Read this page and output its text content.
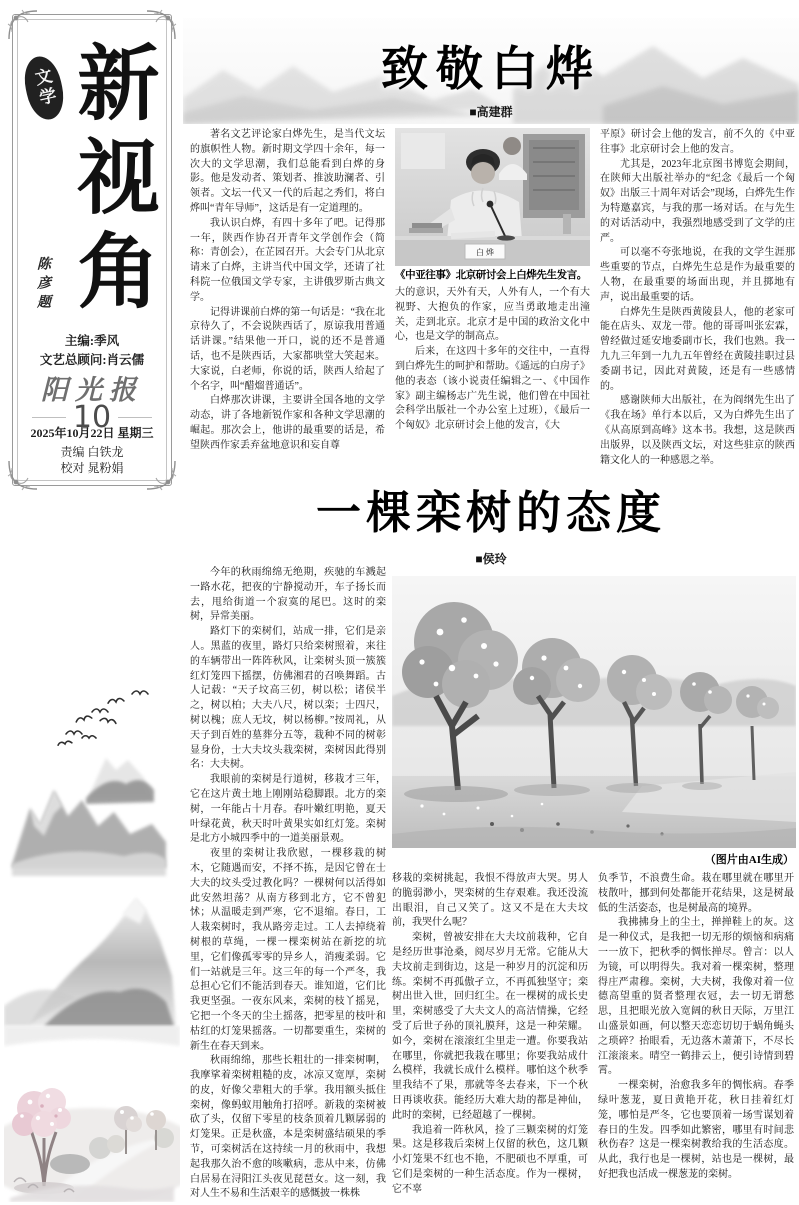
文学 新视角
陈彦题
主编:季风
文艺总顾问:肖云儒
阳光报
10
2025年10月22日 星期三
责编 白铁龙
校对 晁粉娟
致敬白烨
■高建群

著名文艺评论家白烨先生，是当代文坛的旗帜性人物。新时期文学四十余年，每一次大的文学思潮，我们总能看到白烨的身影。他是发动者、策划者、推波助澜者、引领者。文坛一代又一代的后起之秀们，将白烨叫“青年导师”，这话是有一定道理的。

我认识白烨，有四十多年了吧。记得那一年，陕西作协召开青年文学创作会（简称：青创会），在芷园召开。大会专门从北京请来了白烨，主讲当代中国文学，还请了社科院一位俄国文学专家，主讲俄罗斯古典文学。

记得讲课前白烨的第一句话是：“我在北京待久了，不会说陕西话了，原谅我用普通话讲课。”结果他一开口，说的还不是普通话，也不是陕西话，大家都哄堂大笑起来。大家说，白老师，你说的话，陕西人给起了个名字，叫“醋熘普通话”。

白烨那次讲课，主要讲全国各地的文学动态，讲了各地新锐作家和各种文学思潮的崛起。那次会上，他讲的最重要的话是，希望陕西作家丢弃盆地意识和妄自尊

白 烨
《中亚往事》北京研讨会上白烨先生发言。

大的意识，天外有天，人外有人，一个有大视野、大抱负的作家，应当勇敢地走出潼关，走到北京。北京才是中国的政治文化中心，也是文学的制高点。

后来，在这四十多年的交往中，一直得到白烨先生的呵护和帮助。《遥远的白房子》他的表态（该小说责任编辑之一、《中国作家》副主编杨志广先生说，他们曾在中国社会科学出版社一个办公室上过班），《最后一个匈奴》北京研讨会上他的发言，《大

平原》研讨会上他的发言，前不久的《中亚往事》北京研讨会上他的发言。

尤其是，2023年北京图书博览会期间，在陕师大出版社举办的“纪念《最后一个匈奴》出版三十周年对话会”现场，白烨先生作为特邀嘉宾，与我的那一场对话。在与先生的对话活动中，我强烈地感受到了文学的庄严。

可以毫不夸张地说，在我的文学生涯那些重要的节点，白烨先生总是作为最重要的人物，在最重要的场面出现，并且掷地有声，说出最重要的话。

白烨先生是陕西黄陵县人，他的老家可能在店头、双龙一带。他的哥哥叫张宏霖，曾经做过延安地委副市长，我们也熟。我一九九三年到一九九五年曾经在黄陵挂职过县委副书记，因此对黄陵，还是有一些感情的。

感谢陕师大出版社，在为阎纲先生出了《我在场》单行本以后，又为白烨先生出了《从高原到高峰》这本书。我想，这是陕西出版界，以及陕西文坛，对这些驻京的陕西籍文化人的一种感恩之举。

一棵栾树的态度
■侯玲

今年的秋雨绵绵无绝期，疾驰的车溅起一路水花，把夜的宁静搅动开，车子扬长而去，甩给街道一个寂寞的尾巴。这时的栾树，异常美丽。

路灯下的栾树们，站成一排，它们是亲人。黑蓝的夜里，路灯只给栾树照着，来往的车辆带出一阵阵秋风，让栾树头顶一簇簇红灯笼四下摇摆，仿佛湘君的召唤舞蹈。古人记载：“天子坟高三仞，树以松；诸侯半之，树以柏；大夫八尺，树以栾；士四尺，树以槐；庶人无坟，树以杨柳。”按周礼，从天子到百姓的墓葬分五等，栽种不同的树彰显身份，士大夫坟头栽栾树，栾树因此得别名：大夫树。

我眼前的栾树是行道树，移栽才三年，它在这片黄土地上刚刚站稳脚跟。北方的栾树，一年能占十月春。春叶嫩红明艳，夏天叶绿花黄，秋天时叶黄果实如红灯笼。栾树是北方小城四季中的一道美丽景观。

夜里的栾树让我欣慰，一棵移栽的树木，它随遇而安，不择不拣，是因它曾在士大夫的坟头受过教化吗？一棵树何以活得如此安然坦荡？从南方移到北方，它不曾犯怵；从温暖走到严寒，它不退缩。春日，工人栽栾树时，我从路旁走过。工人去掉绕着树根的草绳，一棵一棵栾树站在新挖的坑里，它们像孤零零的异乡人，消瘦柔弱。它们一站就是三年。这三年的每一个严冬，我总担心它们不能活到春天。谁知道，它们比我更坚强。一夜东风来，栾树的枝丫摇晃，它把一个冬天的尘土摇落，把零星的枝叶和枯红的灯笼果摇落。一切都要重生，栾树的新生在春天到来。

秋雨绵绵，那些长粗壮的一排栾树啊，我摩挲着栾树粗糙的皮，冰凉又宽厚，栾树的皮，好像父辈粗大的手掌。我用额头抵住栾树，像蚂蚁用触角打招呼。新栽的栾树被砍了头，仅留下零星的枝条顶着几颗孱弱的灯笼果。正是秋盛，本是栾树盛结硕果的季节，可栾树活在这持续一月的秋雨中，我想起我那久治不愈的咳嗽病，悲从中来，仿佛白居易在浔阳江头夜见琵琶女。这一刻，我对人生不易和生活艰辛的感慨披一株株

（图片由AI生成）

移栽的栾树挑起，我恨不得放声大哭。男人的脆弱渺小，哭栾树的生存艰难。我还没流出眼泪，自己又笑了。这又不是在大夫坟前，我哭什么呢？

栾树，曾被安排在大夫坟前栽种，它自是经历世事沧桑，阅尽岁月无常。它能从大夫坟前走到街边，这是一种岁月的沉淀和历练。栾树不再孤傲孑立，不再孤独坚守；栾树出世入世，回归红尘。在一棵树的成长史里，栾树感受了大夫文人的高洁情操，它经受了后世子孙的顶礼膜拜，这是一种荣耀。如今，栾树在滚滚红尘里走一遭。你要我站在哪里，你就把我栽在哪里；你要我站成什么模样，我就长成什么模样。哪怕这个秋季里我结不了果，那就等冬去春来，下一个秋日再谈收获。能经历大难大劫的都是神仙，此时的栾树，已经超越了一棵树。

我追着一阵秋风，捡了三颗栾树的灯笼果。这是移栽后栾树上仅留的秋色，这几颗小灯笼果不红也不艳，不肥硕也不厚重，可它们是栾树的一种生活态度。作为一棵树，它不辜

负季节，不浪费生命。栽在哪里就在哪里开枝散叶，挪到何处都能开花结果，这是树最低的生活姿态，也是树最高的境界。

我拂拂身上的尘土，掸掸鞋上的灰。这是一种仪式，是我把一切无形的烦恼和病痛一一放下，把秋季的惆怅掸尽。曾言：以人为镜，可以明得失。我对着一棵栾树，整理得庄严肃穆。栾树，大夫树，我像对着一位德高望重的贤者整理衣冠，去一切无谓愁思，且把眼光放入宽阔的秋日天际，万里江山盛景如画，何以整天恋恋切切于蜗角蝇头之琐碎？抬眼看，无边落木萧萧下，不尽长江滚滚来。晴空一鹤排云上，便引诗情到碧霄。

一棵栾树，治愈我多年的惆怅病。春季绿叶葱茏，夏日黄艳开花，秋日挂着红灯笼，哪怕是严冬，它也要顶着一场雪谋划着春日的生发。四季如此繁密，哪里有时间悲秋伤春？这是一棵栾树教给我的生活态度。从此，我行也是一棵树，站也是一棵树，最好把我也活成一棵葱茏的栾树。
